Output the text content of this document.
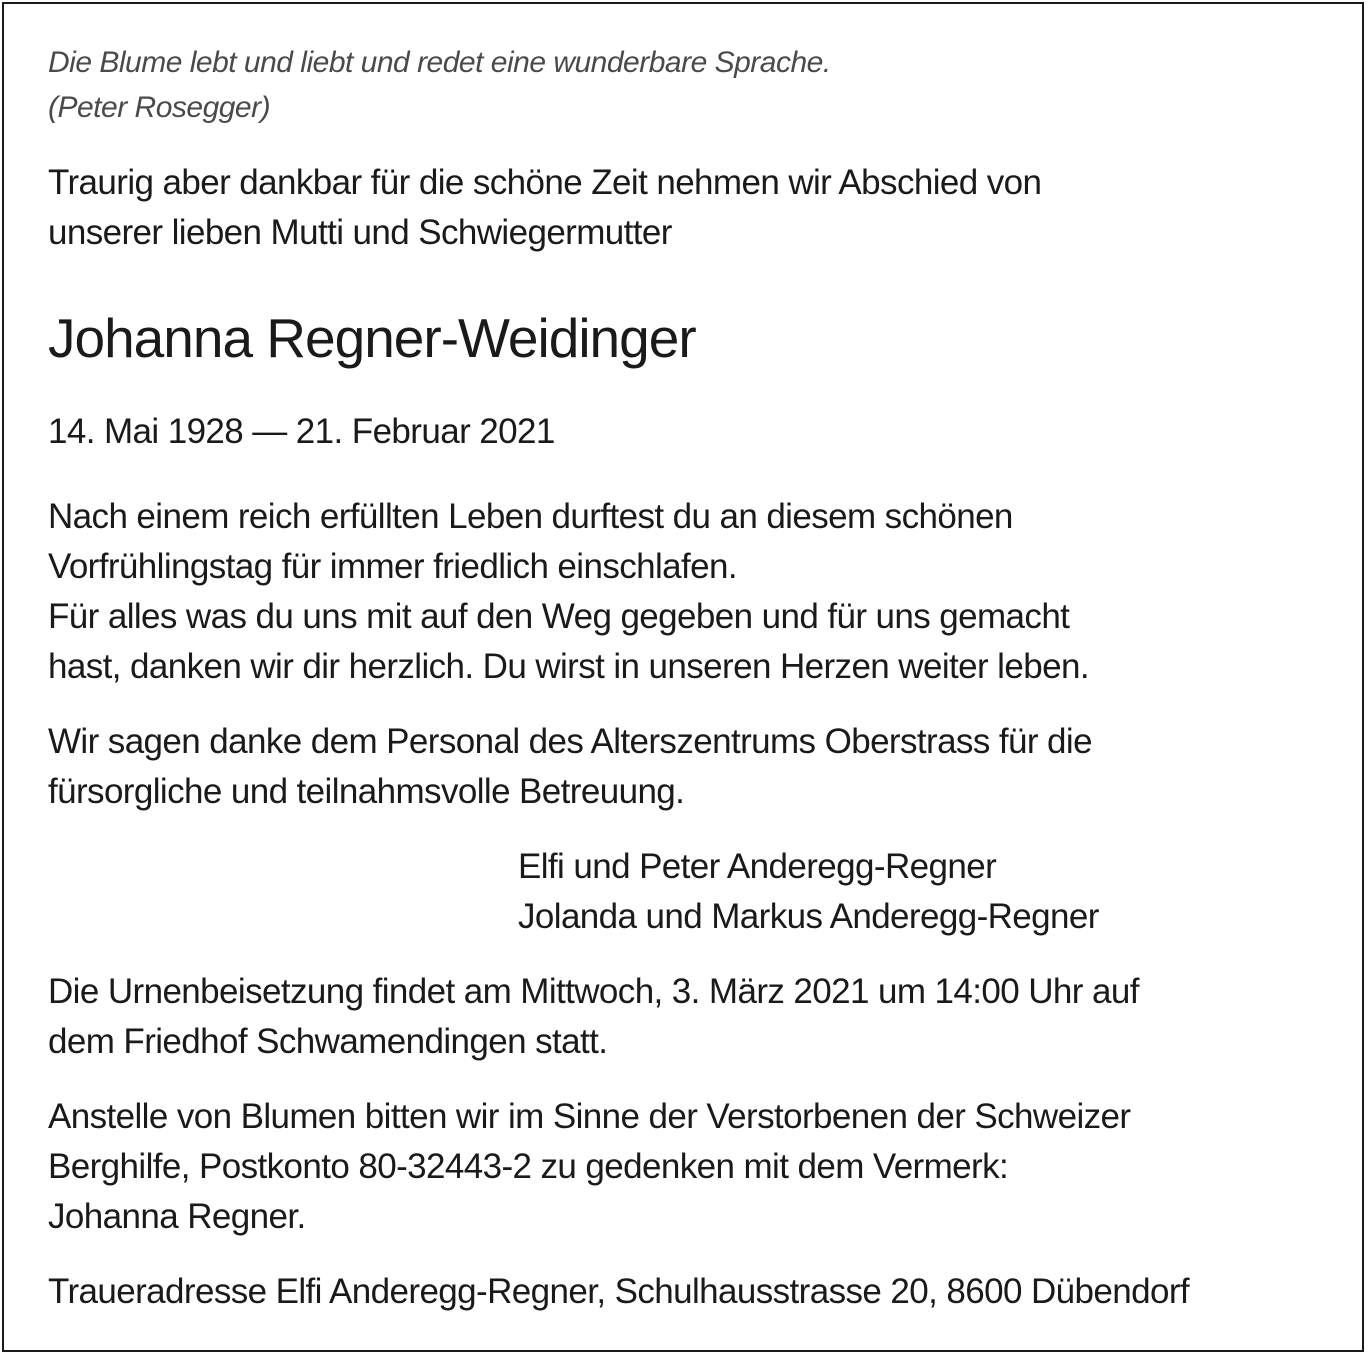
Die Blume lebt und liebt und redet eine wunderbare Sprache.
(Peter Rosegger)
Traurig aber dankbar für die schöne Zeit nehmen wir Abschied von
unserer lieben Mutti und Schwiegermutter
Johanna Regner-Weidinger
14. Mai 1928 — 21. Februar 2021
Nach einem reich erfüllten Leben durftest du an diesem schönen
Vorfrühlingstag für immer friedlich einschlafen.
Für alles was du uns mit auf den Weg gegeben und für uns gemacht
hast, danken wir dir herzlich. Du wirst in unseren Herzen weiter leben.
Wir sagen danke dem Personal des Alterszentrums Oberstrass für die
fürsorgliche und teilnahmsvolle Betreuung.
Elfi und Peter Anderegg-Regner
Jolanda und Markus Anderegg-Regner
Die Urnenbeisetzung findet am Mittwoch, 3. März 2021 um 14:00 Uhr auf
dem Friedhof Schwamendingen statt.
Anstelle von Blumen bitten wir im Sinne der Verstorbenen der Schweizer
Berghilfe, Postkonto 80-32443-2 zu gedenken mit dem Vermerk:
Johanna Regner.
Traueradresse Elfi Anderegg-Regner, Schulhausstrasse 20, 8600 Dübendorf
